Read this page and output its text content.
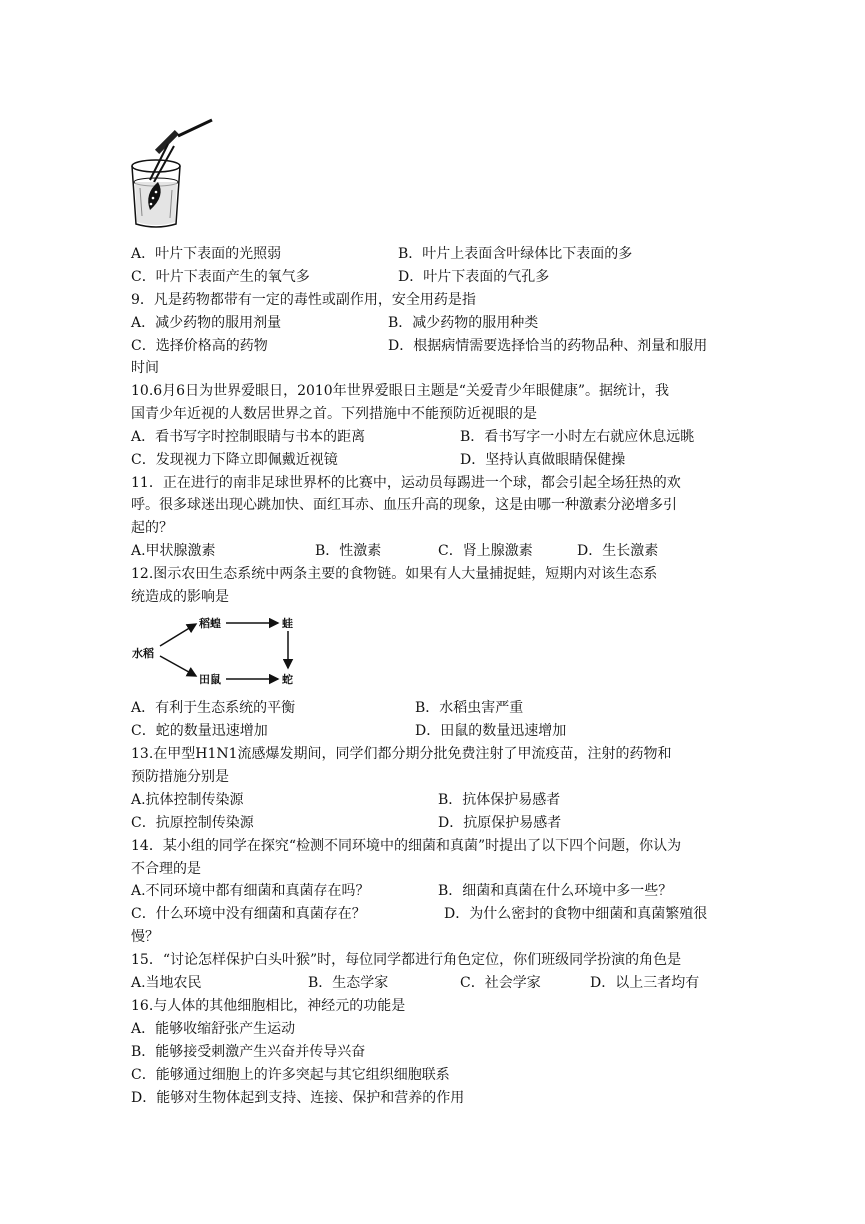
A．叶片下表面的光照弱	B．叶片上表面含叶绿体比下表面的多
C．叶片下表面产生的氧气多	D．叶片下表面的气孔多
9．凡是药物都带有一定的毒性或副作用，安全用药是指
A．减少药物的服用剂量	B．减少药物的服用种类
C．选择价格高的药物	D．根据病情需要选择恰当的药物品种、剂量和服用
时间
10.6月6日为世界爱眼日，2010年世界爱眼日主题是“关爱青少年眼健康”。据统计，我
国青少年近视的人数居世界之首。下列措施中不能预防近视眼的是
A．看书写字时控制眼睛与书本的距离	B．看书写字一小时左右就应休息远眺
C．发现视力下降立即佩戴近视镜	D．坚持认真做眼睛保健操
11．正在进行的南非足球世界杯的比赛中，运动员每踢进一个球，都会引起全场狂热的欢
呼。很多球迷出现心跳加快、面红耳赤、血压升高的现象，这是由哪一种激素分泌增多引
起的？
A.甲状腺激素	B．性激素	C．肾上腺激素	D．生长激素
12.图示农田生态系统中两条主要的食物链。如果有人大量捕捉蛙，短期内对该生态系
统造成的影响是
水稻
稻蝗	蛙
田鼠	蛇
A．有利于生态系统的平衡	B．水稻虫害严重
C．蛇的数量迅速增加	D．田鼠的数量迅速增加
13.在甲型H1N1流感爆发期间，同学们都分期分批免费注射了甲流疫苗，注射的药物和
预防措施分别是
A.抗体控制传染源	B．抗体保护易感者
C．抗原控制传染源	D．抗原保护易感者
14．某小组的同学在探究“检测不同环境中的细菌和真菌”时提出了以下四个问题，你认为
不合理的是
A.不同环境中都有细菌和真菌存在吗？	B．细菌和真菌在什么环境中多一些？
C．什么环境中没有细菌和真菌存在？	D．为什么密封的食物中细菌和真菌繁殖很
慢？
15．“讨论怎样保护白头叶猴”时，每位同学都进行角色定位，你们班级同学扮演的角色是
A.当地农民	B．生态学家	C．社会学家	D．以上三者均有
16.与人体的其他细胞相比，神经元的功能是
A．能够收缩舒张产生运动
B．能够接受刺激产生兴奋并传导兴奋
C．能够通过细胞上的许多突起与其它组织细胞联系
D．能够对生物体起到支持、连接、保护和营养的作用
